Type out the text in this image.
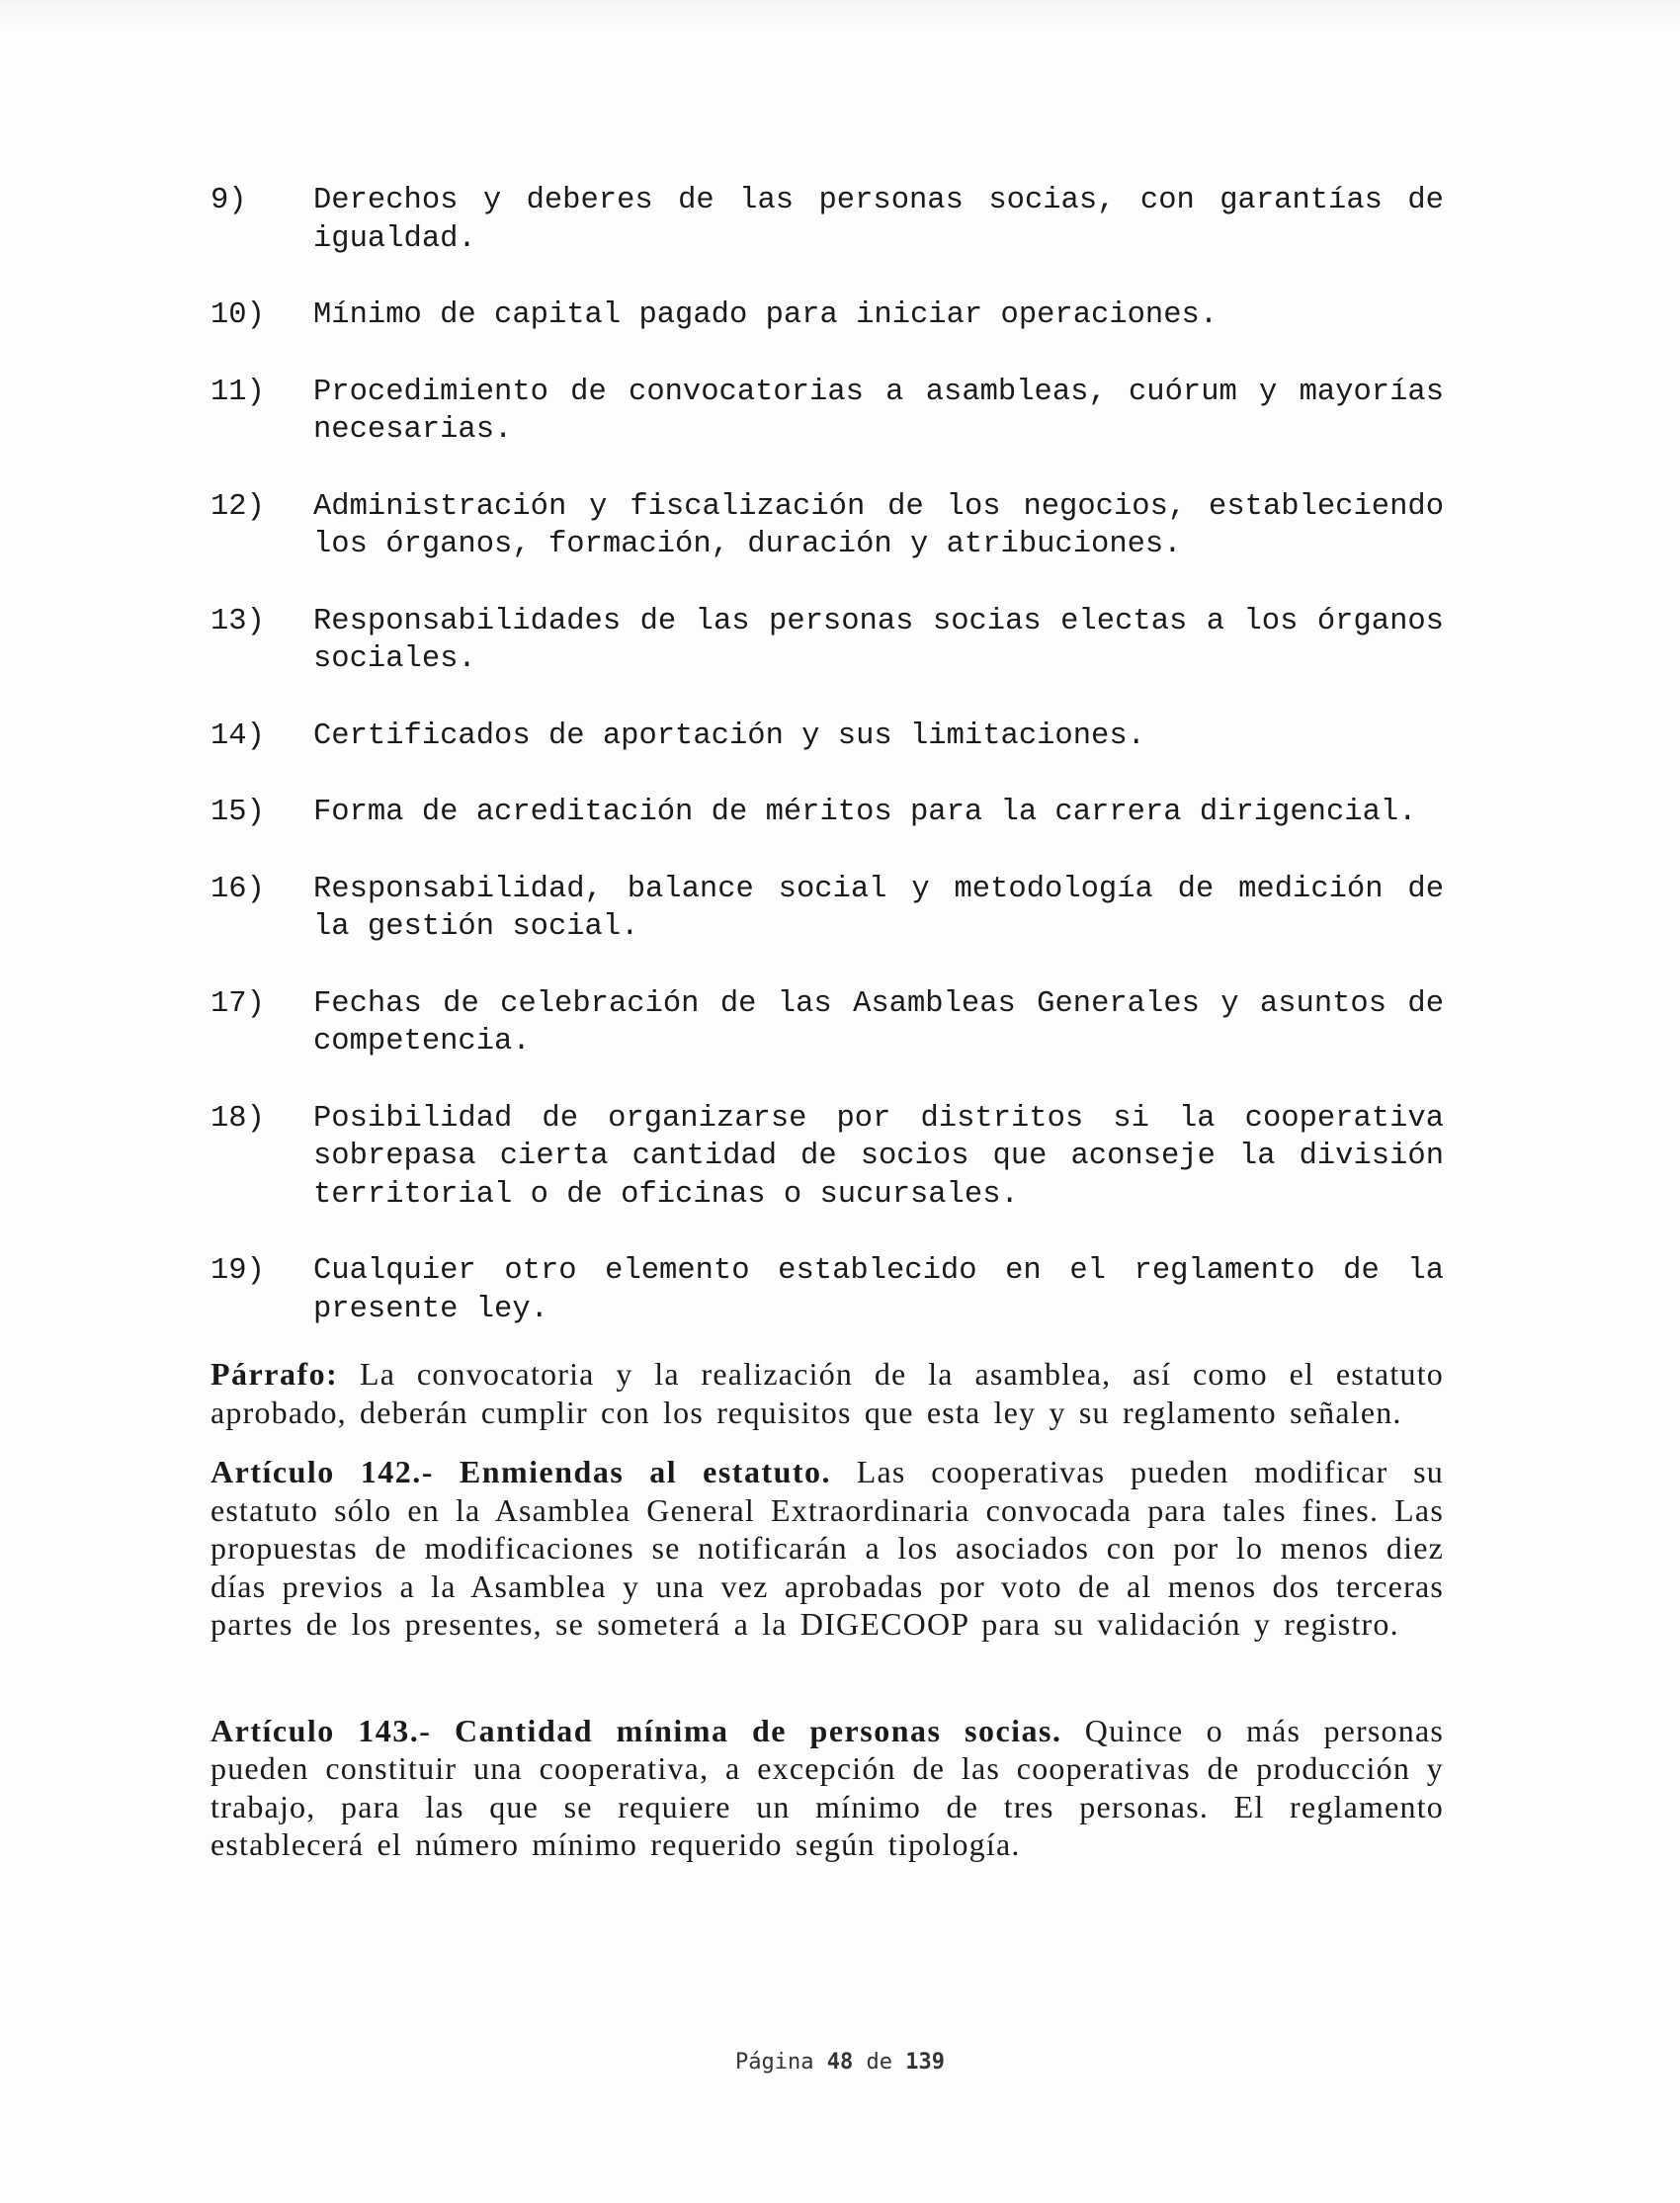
9)	Derechos y deberes de las personas socias, con garantías de igualdad.
10)	Mínimo de capital pagado para iniciar operaciones.
11)	Procedimiento de convocatorias a asambleas, cuórum y mayorías necesarias.
12)	Administración y fiscalización de los negocios, estableciendo los órganos, formación, duración y atribuciones.
13)	Responsabilidades de las personas socias electas a los órganos sociales.
14)	Certificados de aportación y sus limitaciones.
15)	Forma de acreditación de méritos para la carrera dirigencial.
16)	Responsabilidad, balance social y metodología de medición de la gestión social.
17)	Fechas de celebración de las Asambleas Generales y asuntos de competencia.
18)	Posibilidad de organizarse por distritos si la cooperativa sobrepasa cierta cantidad de socios que aconseje la división territorial o de oficinas o sucursales.
19)	Cualquier otro elemento establecido en el reglamento de la presente ley.

Párrafo: La convocatoria y la realización de la asamblea, así como el estatuto aprobado, deberán cumplir con los requisitos que esta ley y su reglamento señalen.

Artículo 142.- Enmiendas al estatuto. Las cooperativas pueden modificar su estatuto sólo en la Asamblea General Extraordinaria convocada para tales fines. Las propuestas de modificaciones se notificarán a los asociados con por lo menos diez días previos a la Asamblea y una vez aprobadas por voto de al menos dos terceras partes de los presentes, se someterá a la DIGECOOP para su validación y registro.

Artículo 143.- Cantidad mínima de personas socias. Quince o más personas pueden constituir una cooperativa, a excepción de las cooperativas de producción y trabajo, para las que se requiere un mínimo de tres personas. El reglamento establecerá el número mínimo requerido según tipología.

Página 48 de 139
